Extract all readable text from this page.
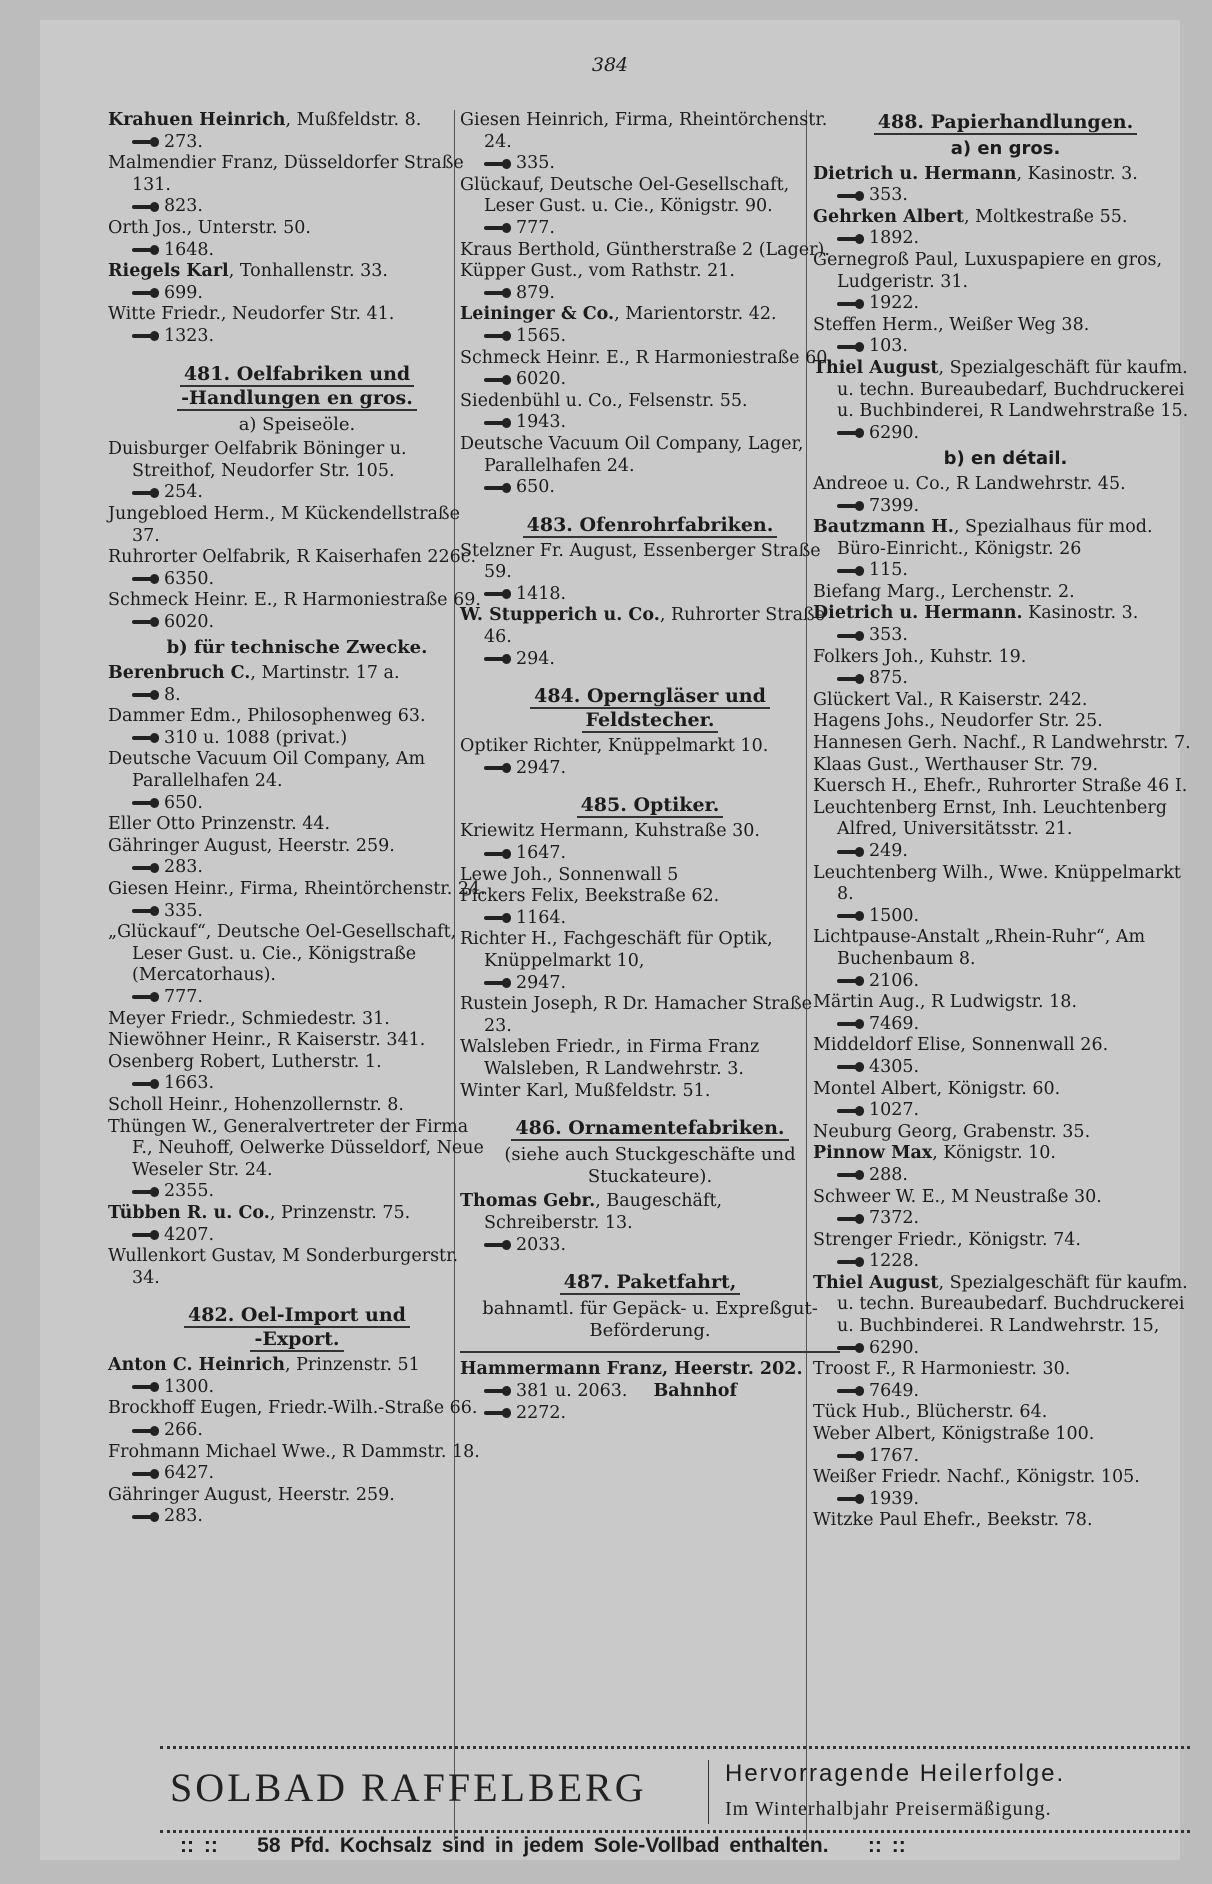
384

Krahuen Heinrich, Mußfeldstr. 8.

273.

Malmendier Franz, Düsseldorfer Straße 131.

823.

Orth Jos., Unterstr. 50.

1648.

Riegels Karl, Tonhallenstr. 33.

699.

Witte Friedr., Neudorfer Str. 41.

1323.

481. Oelfabriken und
-Handlungen en gros.
a) Speiseöle.

Duisburger Oelfabrik Böninger u. Streithof, Neudorfer Str. 105.

254.

Jungebloed Herm., M Kückendellstraße 37.

Ruhrorter Oelfabrik, R Kaiserhafen 226c.

6350.

Schmeck Heinr. E., R Harmoniestraße 69.

6020.

b) für technische Zwecke.

Berenbruch C., Martinstr. 17 a.

8.

Dammer Edm., Philosophenweg 63.

310 u. 1088 (privat.)

Deutsche Vacuum Oil Company, Am Parallelhafen 24.

650.

Eller Otto Prinzenstr. 44.

Gähringer August, Heerstr. 259.

283.

Giesen Heinr., Firma, Rheintörchenstr. 24.

335.

„Glückauf“, Deutsche Oel-Gesellschaft, Leser Gust. u. Cie., Königstraße (Mercatorhaus).

777.

Meyer Friedr., Schmiedestr. 31.

Niewöhner Heinr., R Kaiserstr. 341.

Osenberg Robert, Lutherstr. 1.

1663.

Scholl Heinr., Hohenzollernstr. 8.

Thüngen W., Generalvertreter der Firma F., Neuhoff, Oelwerke Düsseldorf, Neue Weseler Str. 24.

2355.

Tübben R. u. Co., Prinzenstr. 75.

4207.

Wullenkort Gustav, M Sonderburgerstr. 34.

482. Oel-Import und
-Export.

Anton C. Heinrich, Prinzenstr. 51

1300.

Brockhoff Eugen, Friedr.-Wilh.-Straße 66.

266.

Frohmann Michael Wwe., R Dammstr. 18.

6427.

Gähringer August, Heerstr. 259.

283.

Giesen Heinrich, Firma, Rheintörchenstr. 24.

335.

Glückauf, Deutsche Oel-Gesellschaft, Leser Gust. u. Cie., Königstr. 90.

777.

Kraus Berthold, Güntherstraße 2 (Lager).

Küpper Gust., vom Rathstr. 21.

879.

Leininger & Co., Marientorstr. 42.

1565.

Schmeck Heinr. E., R Harmoniestraße 60.

6020.

Siedenbühl u. Co., Felsenstr. 55.

1943.

Deutsche Vacuum Oil Company, Lager, Parallelhafen 24.

650.

483. Ofenrohrfabriken.

Stelzner Fr. August, Essenberger Straße 59.

1418.

W. Stupperich u. Co., Ruhrorter Straße 46.

294.

484. Operngläser und
Feldstecher.

Optiker Richter, Knüppelmarkt 10.

2947.

485. Optiker.

Kriewitz Hermann, Kuhstraße 30.

1647.

Lewe Joh., Sonnenwall 5

Pickers Felix, Beekstraße 62.

1164.

Richter H., Fachgeschäft für Optik, Knüppelmarkt 10,

2947.

Rustein Joseph, R Dr. Hamacher Straße 23.

Walsleben Friedr., in Firma Franz Walsleben, R Landwehrstr. 3.

Winter Karl, Mußfeldstr. 51.

486. Ornamentefabriken.
(siehe auch Stuckgeschäfte und Stuckateure).

Thomas Gebr., Baugeschäft, Schreiberstr. 13.

2033.

487. Paketfahrt,
bahnamtl. für Gepäck- u. Expreßgut-Beförderung.

Hammermann Franz, Heerstr. 202.

381 u. 2063. Bahnhof

2272.

488. Papierhandlungen.
a) en gros.

Dietrich u. Hermann, Kasinostr. 3.

353.

Gehrken Albert, Moltkestraße 55.

1892.

Gernegroß Paul, Luxuspapiere en gros, Ludgeristr. 31.

1922.

Steffen Herm., Weißer Weg 38.

103.

Thiel August, Spezialgeschäft für kaufm. u. techn. Bureaubedarf, Buchdruckerei u. Buchbinderei, R Landwehrstraße 15.

6290.

b) en détail.

Andreoe u. Co., R Landwehrstr. 45.

7399.

Bautzmann H., Spezialhaus für mod. Büro-Einricht., Königstr. 26

115.

Biefang Marg., Lerchenstr. 2.

Dietrich u. Hermann. Kasinostr. 3.

353.

Folkers Joh., Kuhstr. 19.

875.

Glückert Val., R Kaiserstr. 242.

Hagens Johs., Neudorfer Str. 25.

Hannesen Gerh. Nachf., R Landwehrstr. 7.

Klaas Gust., Werthauser Str. 79.

Kuersch H., Ehefr., Ruhrorter Straße 46 I.

Leuchtenberg Ernst, Inh. Leuchtenberg Alfred, Universitätsstr. 21.

249.

Leuchtenberg Wilh., Wwe. Knüppelmarkt 8.

1500.

Lichtpause-Anstalt „Rhein-Ruhr“, Am Buchenbaum 8.

2106.

Märtin Aug., R Ludwigstr. 18.

7469.

Middeldorf Elise, Sonnenwall 26.

4305.

Montel Albert, Königstr. 60.

1027.

Neuburg Georg, Grabenstr. 35.

Pinnow Max, Königstr. 10.

288.

Schweer W. E., M Neustraße 30.

7372.

Strenger Friedr., Königstr. 74.

1228.

Thiel August, Spezialgeschäft für kaufm. u. techn. Bureaubedarf. Buchdruckerei u. Buchbinderei. R Landwehrstr. 15,

6290.

Troost F., R Harmoniestr. 30.

7649.

Tück Hub., Blücherstr. 64.

Weber Albert, Königstraße 100.

1767.

Weißer Friedr. Nachf., Königstr. 105.

1939.

Witzke Paul Ehefr., Beekstr. 78.

SOLBAD RAFFELBERG	Hervorragende Heilerfolge.
Im Winterhalbjahr Preisermäßigung.
:: :: 58 Pfd. Kochsalz sind in jedem Sole-Vollbad enthalten. :: ::
